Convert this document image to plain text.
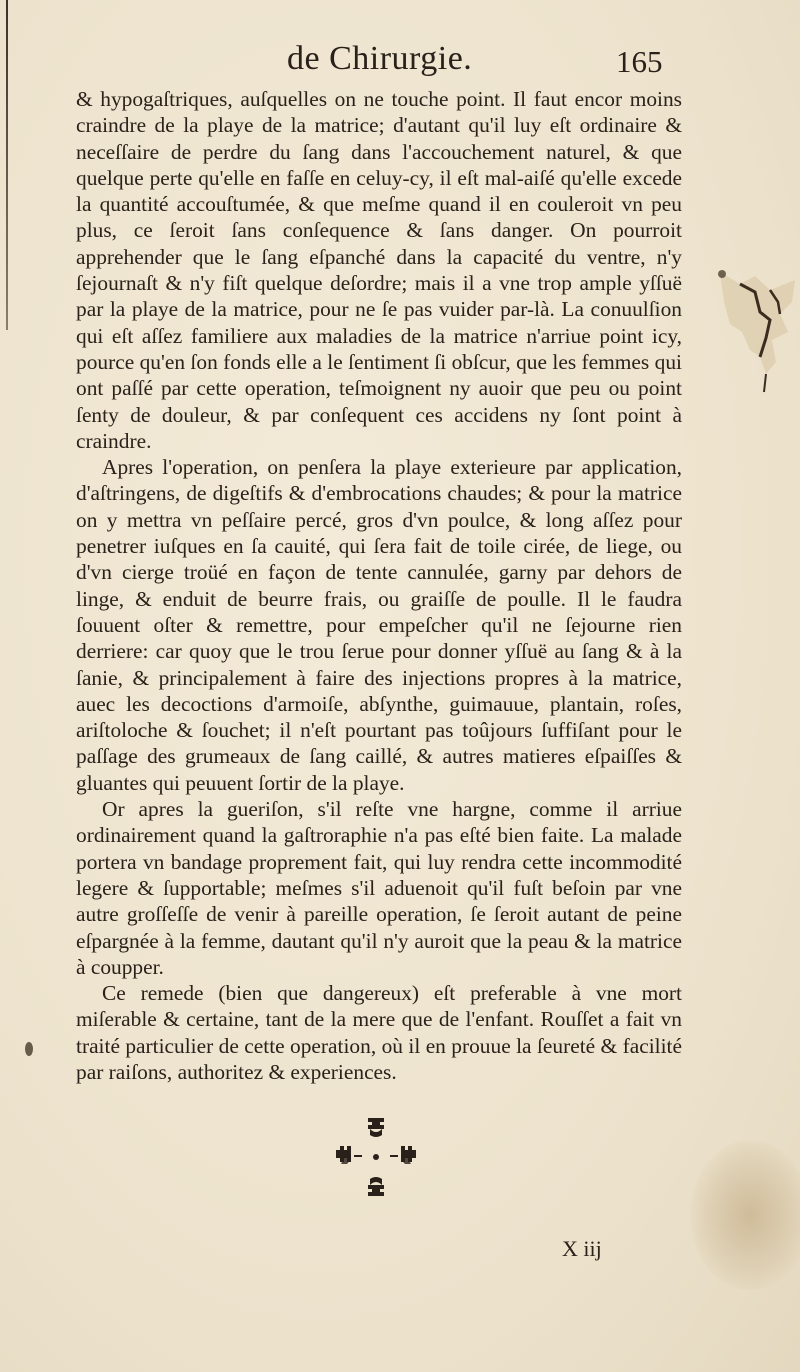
de Chirurgie.	165

& hypogaſtriques, auſquelles on ne touche point. Il faut encor moins craindre de la playe de la matrice; d'autant qu'il luy eſt ordinaire & neceſſaire de perdre du ſang dans l'accouchement naturel, & que quelque perte qu'elle en faſſe en celuy-cy, il eſt mal-aiſé qu'elle excede la quantité accouſtumée, & que meſme quand il en couleroit vn peu plus, ce ſeroit ſans conſequence & ſans danger. On pourroit apprehender que le ſang eſpanché dans la capacité du ventre, n'y ſejournaſt & n'y fiſt quelque deſordre; mais il a vne trop ample yſſuë par la playe de la matrice, pour ne ſe pas vuider par-là. La conuulſion qui eſt aſſez familiere aux maladies de la matrice n'arriue point icy, pource qu'en ſon fonds elle a le ſentiment ſi obſcur, que les femmes qui ont paſſé par cette operation, teſmoignent ny auoir que peu ou point ſenty de douleur, & par conſequent ces accidens ny ſont point à craindre.

Apres l'operation, on penſera la playe exterieure par application, d'aſtringens, de digeſtifs & d'embrocations chaudes; & pour la matrice on y mettra vn peſſaire percé, gros d'vn poulce, & long aſſez pour penetrer iuſques en ſa cauité, qui ſera fait de toile cirée, de liege, ou d'vn cierge troüé en façon de tente cannulée, garny par dehors de linge, & enduit de beurre frais, ou graiſſe de poulle. Il le faudra ſouuent oſter & remettre, pour empeſcher qu'il ne ſejourne rien derriere: car quoy que le trou ſerue pour donner yſſuë au ſang & à la ſanie, & principalement à faire des injections propres à la matrice, auec les decoctions d'armoiſe, abſynthe, guimauue, plantain, roſes, ariſtoloche & ſouchet; il n'eſt pourtant pas toûjours ſuffiſant pour le paſſage des grumeaux de ſang caillé, & autres matieres eſpaiſſes & gluantes qui peuuent ſortir de la playe.

Or apres la gueriſon, s'il reſte vne hargne, comme il arriue ordinairement quand la gaſtroraphie n'a pas eſté bien faite. La malade portera vn bandage proprement fait, qui luy rendra cette incommodité legere & ſupportable; meſmes s'il aduenoit qu'il fuſt beſoin par vne autre groſſeſſe de venir à pareille operation, ſe ſeroit autant de peine eſpargnée à la femme, dautant qu'il n'y auroit que la peau & la matrice à coupper.

Ce remede (bien que dangereux) eſt preferable à vne mort miſerable & certaine, tant de la mere que de l'enfant. Rouſſet a fait vn traité particulier de cette operation, où il en prouue la ſeureté & facilité par raiſons, authoritez & experiences.

X iij
